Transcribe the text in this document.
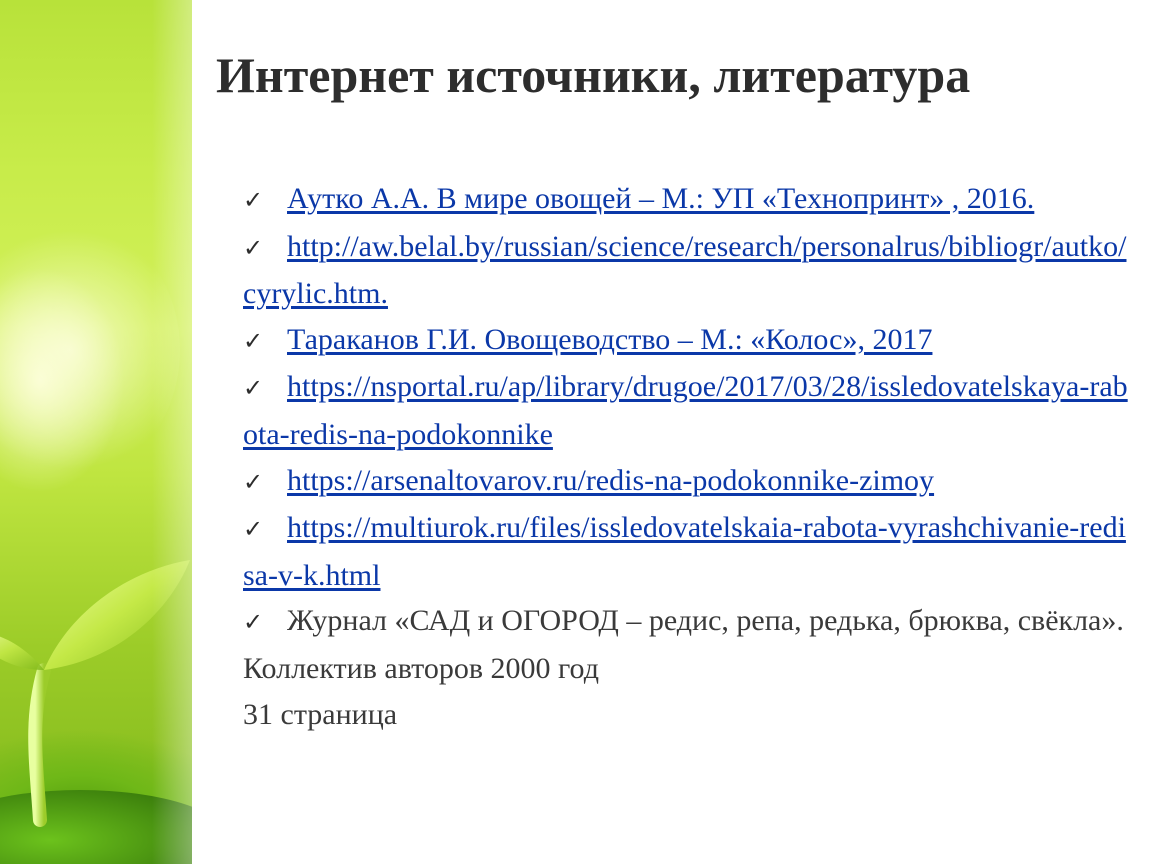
Интернет источники, литература

✓ Аутко А.А. В мире овощей – М.: УП «Технопринт» , 2016.

✓ http://aw.belal.by/russian/science/research/personalrus/bibliogr/autko/cyrylic.htm.

✓ Тараканов Г.И. Овощеводство – М.: «Колос», 2017

✓ https://nsportal.ru/ap/library/drugoe/2017/03/28/issledovatelskaya-rabota-redis-na-podokonnike

✓ https://arsenaltovarov.ru/redis-na-podokonnike-zimoy

✓ https://multiurok.ru/files/issledovatelskaia-rabota-vyrashchivanie-redisa-v-k.html

✓ Журнал «САД и ОГОРОД – редис, репа, редька, брюква, свёкла». Коллектив авторов 2000 год

31 страница
